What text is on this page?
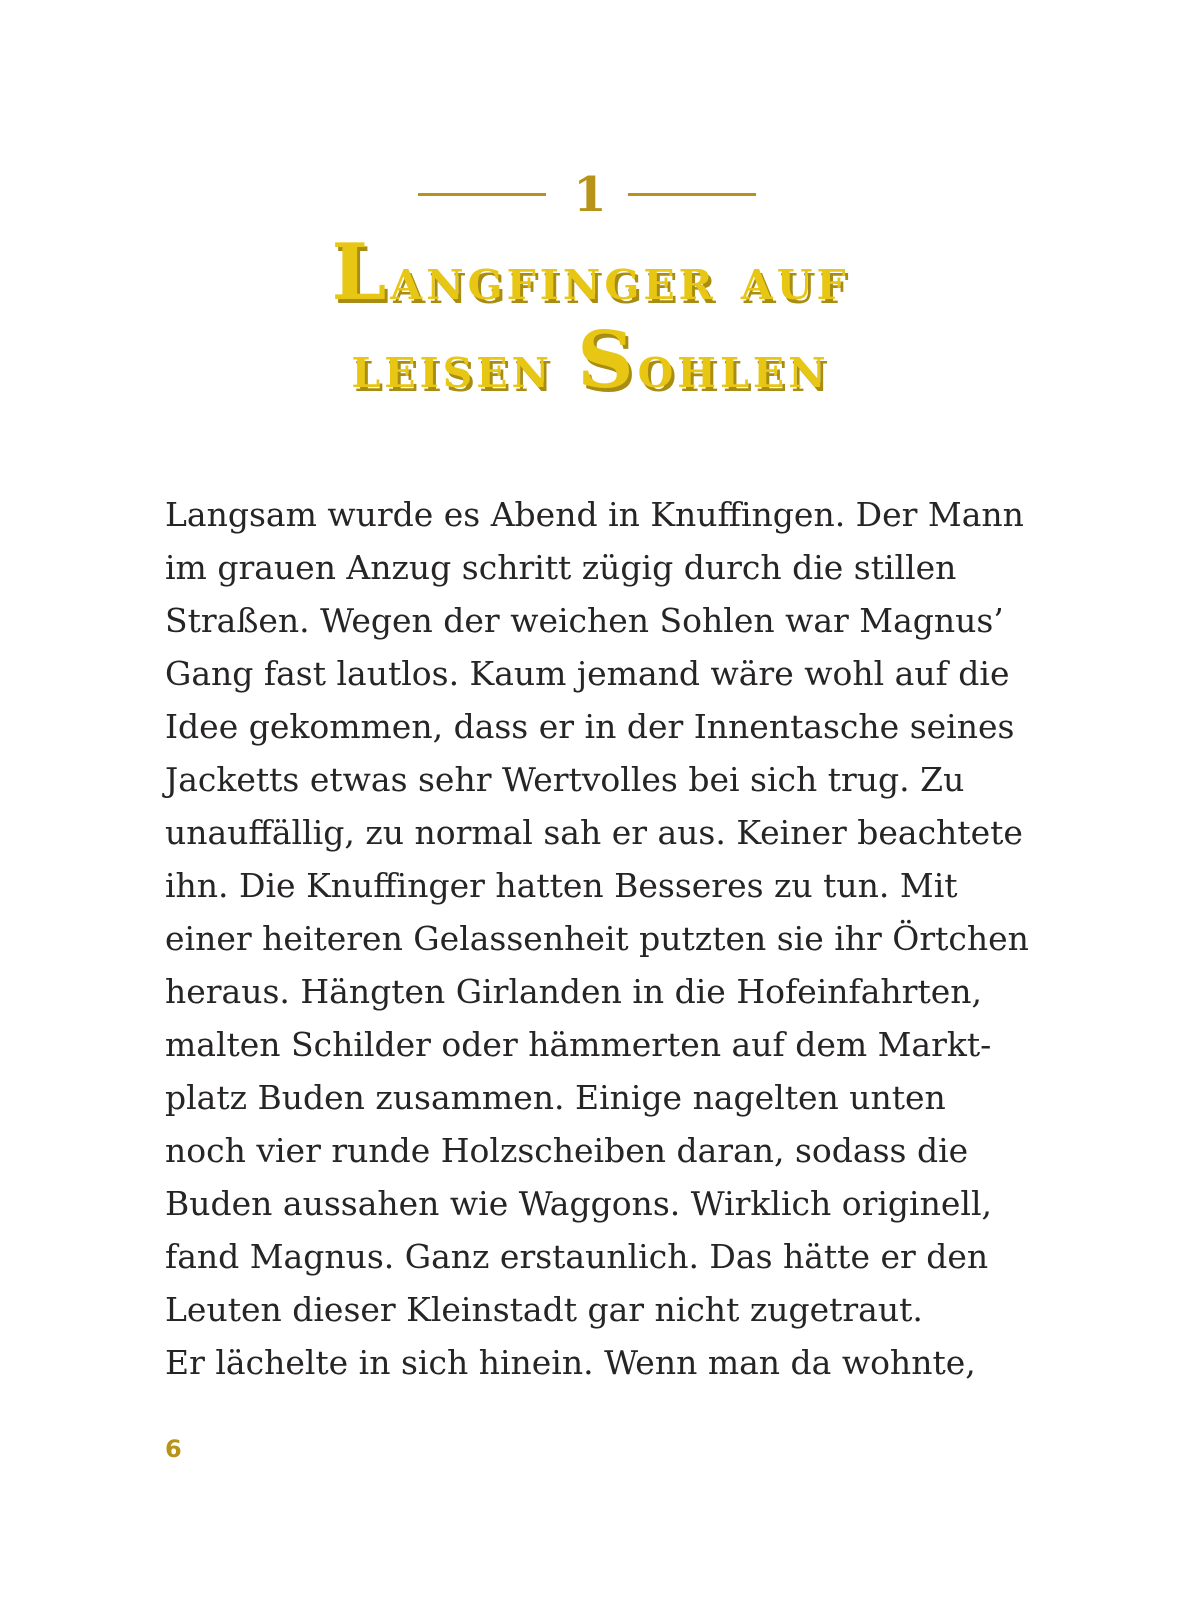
1
Langfinger auf
leisen Sohlen
Langsam wurde es Abend in Knuffingen. Der Mann
im grauen Anzug schritt zügig durch die stillen
Straßen. Wegen der weichen Sohlen war Magnus’
Gang fast lautlos. Kaum jemand wäre wohl auf die
Idee gekommen, dass er in der Innentasche seines
Jacketts etwas sehr Wertvolles bei sich trug. Zu
unauffällig, zu normal sah er aus. Keiner beachtete
ihn. Die Knuffinger hatten Besseres zu tun. Mit
einer heiteren Gelassenheit putzten sie ihr Örtchen
heraus. Hängten Girlanden in die Hofeinfahrten,
malten Schilder oder hämmerten auf dem Markt-
platz Buden zusammen. Einige nagelten unten
noch vier runde Holzscheiben daran, sodass die
Buden aussahen wie Waggons. Wirklich originell,
fand Magnus. Ganz erstaunlich. Das hätte er den
Leuten dieser Kleinstadt gar nicht zugetraut.
Er lächelte in sich hinein. Wenn man da wohnte,
6
